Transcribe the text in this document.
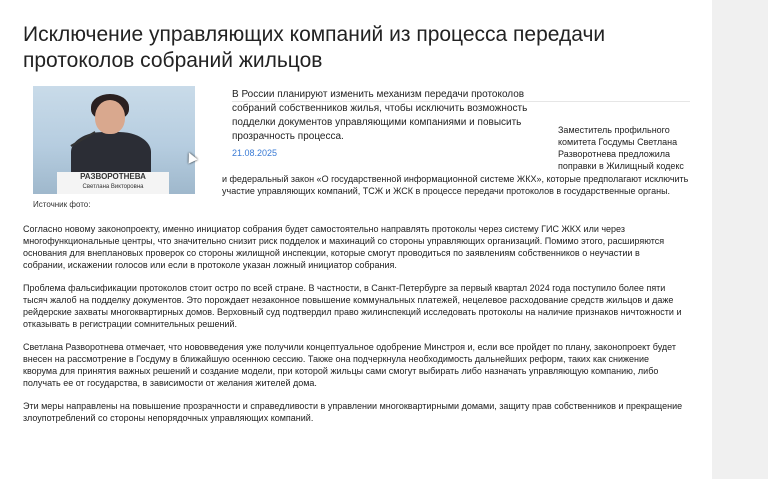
Исключение управляющих компаний из процесса передачи протоколов собраний жильцов
РАЗВОРОТНЕВА
Светлана Викторовна
Источник фото:

В России планируют изменить механизм передачи протоколов собраний собственников жилья, чтобы исключить возможность подделки документов управляющими компаниями и повысить прозрачность процесса.

21.08.2025
Заместитель профильного комитета Госдумы Светлана Разворотнева предложила поправки в Жилищный кодекс

и федеральный закон «О государственной информационной системе ЖКХ», которые предполагают исключить участие управляющих компаний, ТСЖ и ЖСК в процессе передачи протоколов в государственные органы.

Согласно новому законопроекту, именно инициатор собрания будет самостоятельно направлять протоколы через систему ГИС ЖКХ или через многофункциональные центры, что значительно снизит риск подделок и махинаций со стороны управляющих организаций. Помимо этого, расширяются основания для внеплановых проверок со стороны жилищной инспекции, которые смогут проводиться по заявлениям собственников о неучастии в собрании, искажении голосов или если в протоколе указан ложный инициатор собрания.

Проблема фальсификации протоколов стоит остро по всей стране. В частности, в Санкт-Петербурге за первый квартал 2024 года поступило более пяти тысяч жалоб на подделку документов. Это порождает незаконное повышение коммунальных платежей, нецелевое расходование средств жильцов и даже рейдерские захваты многоквартирных домов. Верховный суд подтвердил право жилинспекций исследовать протоколы на наличие признаков ничтожности и отказывать в регистрации сомнительных решений.

Светлана Разворотнева отмечает, что нововведения уже получили концептуальное одобрение Минстроя и, если все пройдет по плану, законопроект будет внесен на рассмотрение в Госдуму в ближайшую осеннюю сессию. Также она подчеркнула необходимость дальнейших реформ, таких как снижение кворума для принятия важных решений и создание модели, при которой жильцы сами смогут выбирать либо назначать управляющую компанию, либо получать ее от государства, в зависимости от желания жителей дома.

Эти меры направлены на повышение прозрачности и справедливости в управлении многоквартирными домами, защиту прав собственников и прекращение злоупотреблений со стороны непорядочных управляющих компаний.
